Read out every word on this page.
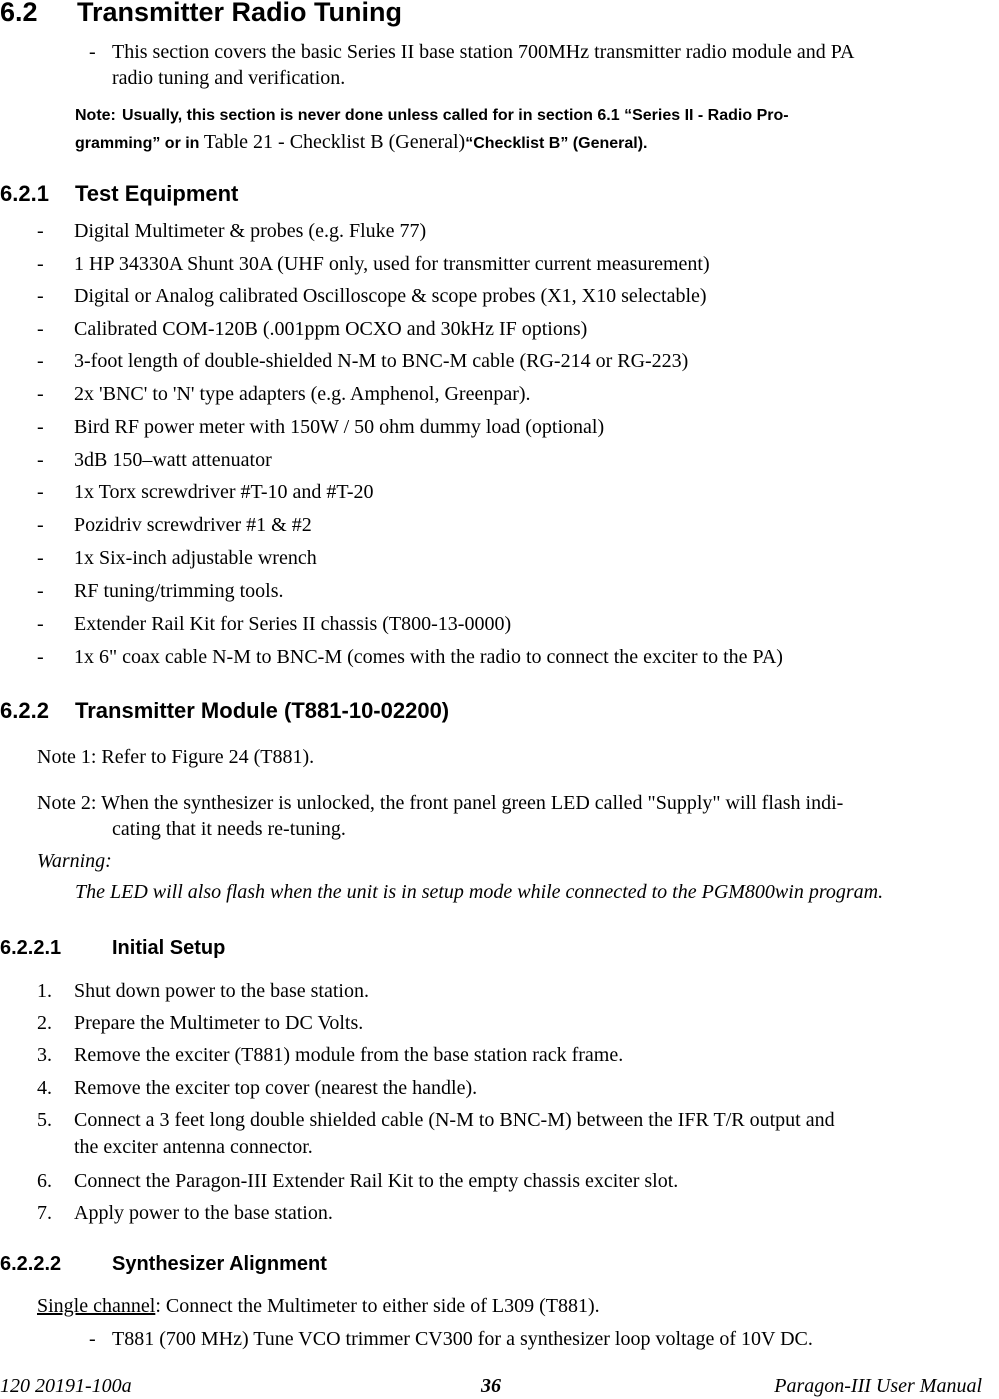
6.2 Transmitter Radio Tuning
- This section covers the basic Series II base station 700MHz transmitter radio module and PA
radio tuning and verification.
Note: Usually, this section is never done unless called for in section 6.1 “Series II - Radio Pro-
gramming” or in Table 21 - Checklist B (General)“Checklist B” (General).
6.2.1 Test Equipment
- Digital Multimeter & probes (e.g. Fluke 77)
- 1 HP 34330A Shunt 30A (UHF only, used for transmitter current measurement)
- Digital or Analog calibrated Oscilloscope & scope probes (X1, X10 selectable)
- Calibrated COM-120B (.001ppm OCXO and 30kHz IF options)
- 3-foot length of double-shielded N-M to BNC-M cable (RG-214 or RG-223)
- 2x 'BNC' to 'N' type adapters (e.g. Amphenol, Greenpar).
- Bird RF power meter with 150W / 50 ohm dummy load (optional)
- 3dB 150–watt attenuator
- 1x Torx screwdriver #T-10 and #T-20
- Pozidriv screwdriver #1 & #2
- 1x Six-inch adjustable wrench
- RF tuning/trimming tools.
- Extender Rail Kit for Series II chassis (T800-13-0000)
- 1x 6" coax cable N-M to BNC-M (comes with the radio to connect the exciter to the PA)
6.2.2 Transmitter Module (T881-10-02200)
Note 1: Refer to Figure 24 (T881).
Note 2: When the synthesizer is unlocked, the front panel green LED called "Supply" will flash indi-
cating that it needs re-tuning.
Warning:
The LED will also flash when the unit is in setup mode while connected to the PGM800win program.
6.2.2.1	Initial Setup
1. Shut down power to the base station.
2. Prepare the Multimeter to DC Volts.
3. Remove the exciter (T881) module from the base station rack frame.
4. Remove the exciter top cover (nearest the handle).
5. Connect a 3 feet long double shielded cable (N-M to BNC-M) between the IFR T/R output and
the exciter antenna connector.
6. Connect the Paragon-III Extender Rail Kit to the empty chassis exciter slot.
7. Apply power to the base station.
6.2.2.2	Synthesizer Alignment
Single channel: Connect the Multimeter to either side of L309 (T881).
- T881 (700 MHz) Tune VCO trimmer CV300 for a synthesizer loop voltage of 10V DC.
120 20191-100a	36	Paragon-III User Manual
